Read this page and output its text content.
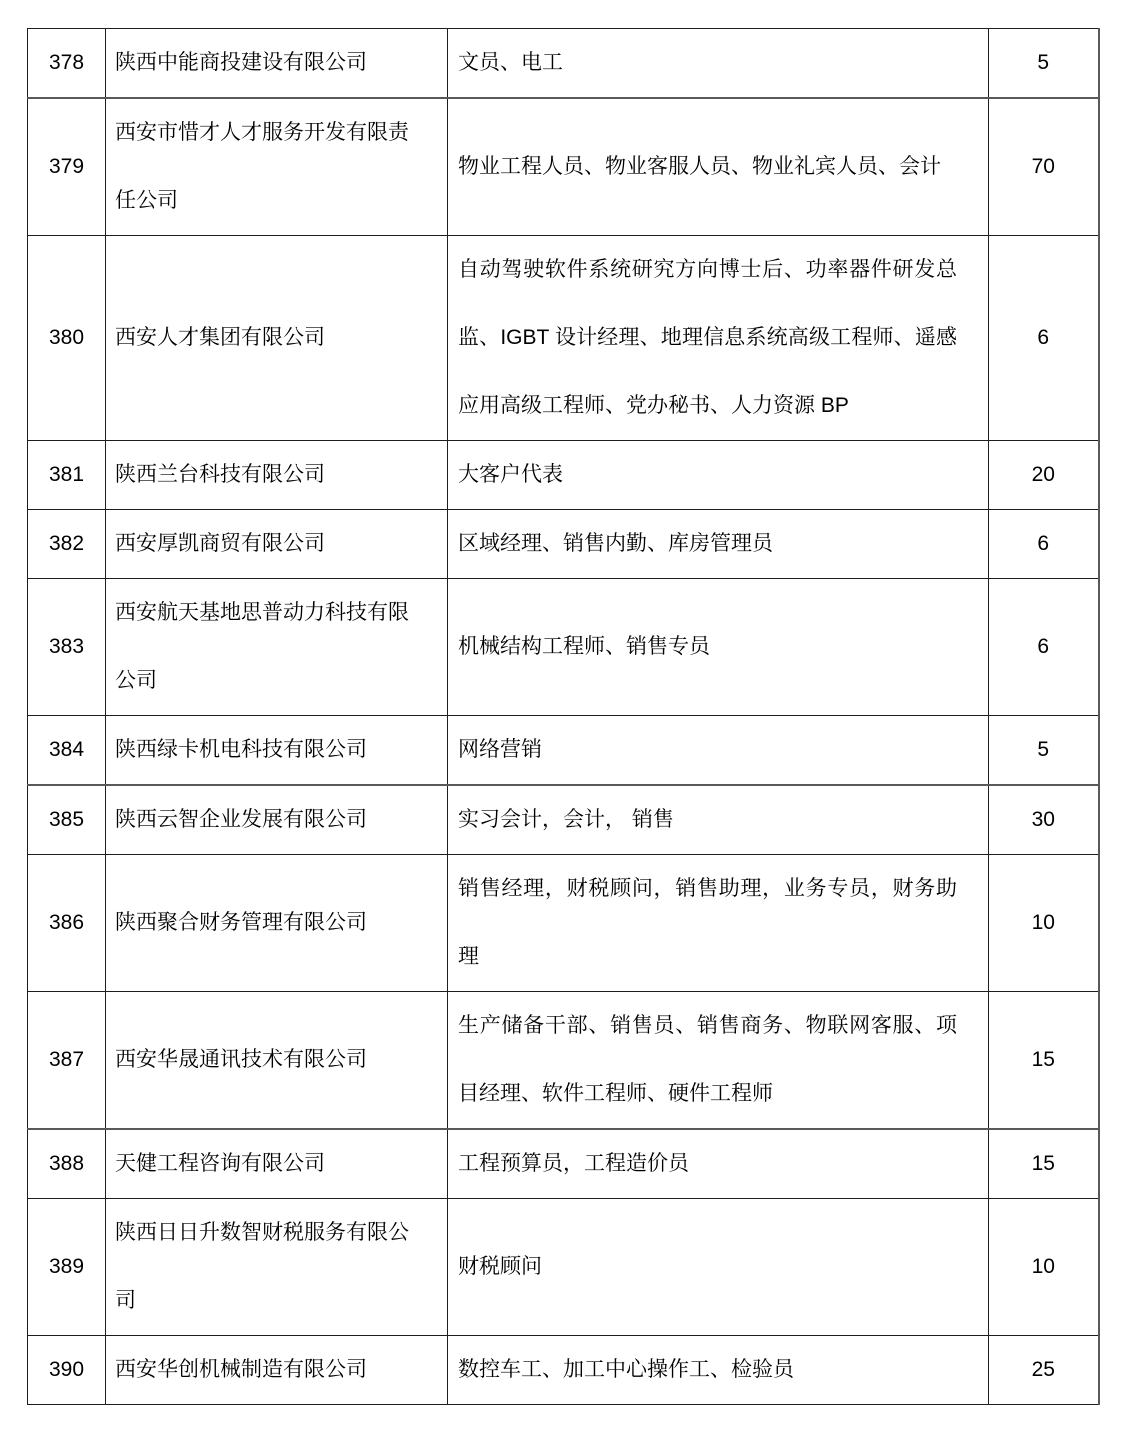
378	陕西中能商投建设有限公司	文员、电工	5
379	西安市惜才人才服务开发有限责任公司	物业工程人员、物业客服人员、物业礼宾人员、会计	70
380	西安人才集团有限公司	自动驾驶软件系统研究方向博士后、功率器件研发总监、IGBT 设计经理、地理信息系统高级工程师、遥感应用高级工程师、党办秘书、人力资源 BP	6
381	陕西兰台科技有限公司	大客户代表	20
382	西安厚凯商贸有限公司	区域经理、销售内勤、库房管理员	6
383	西安航天基地思普动力科技有限公司	机械结构工程师、销售专员	6
384	陕西绿卡机电科技有限公司	网络营销	5
385	陕西云智企业发展有限公司	实习会计，会计， 销售	30
386	陕西聚合财务管理有限公司	销售经理，财税顾问，销售助理，业务专员，财务助理	10
387	西安华晟通讯技术有限公司	生产储备干部、销售员、销售商务、物联网客服、项目经理、软件工程师、硬件工程师	15
388	天健工程咨询有限公司	工程预算员，工程造价员	15
389	陕西日日升数智财税服务有限公司	财税顾问	10
390	西安华创机械制造有限公司	数控车工、加工中心操作工、检验员	25
